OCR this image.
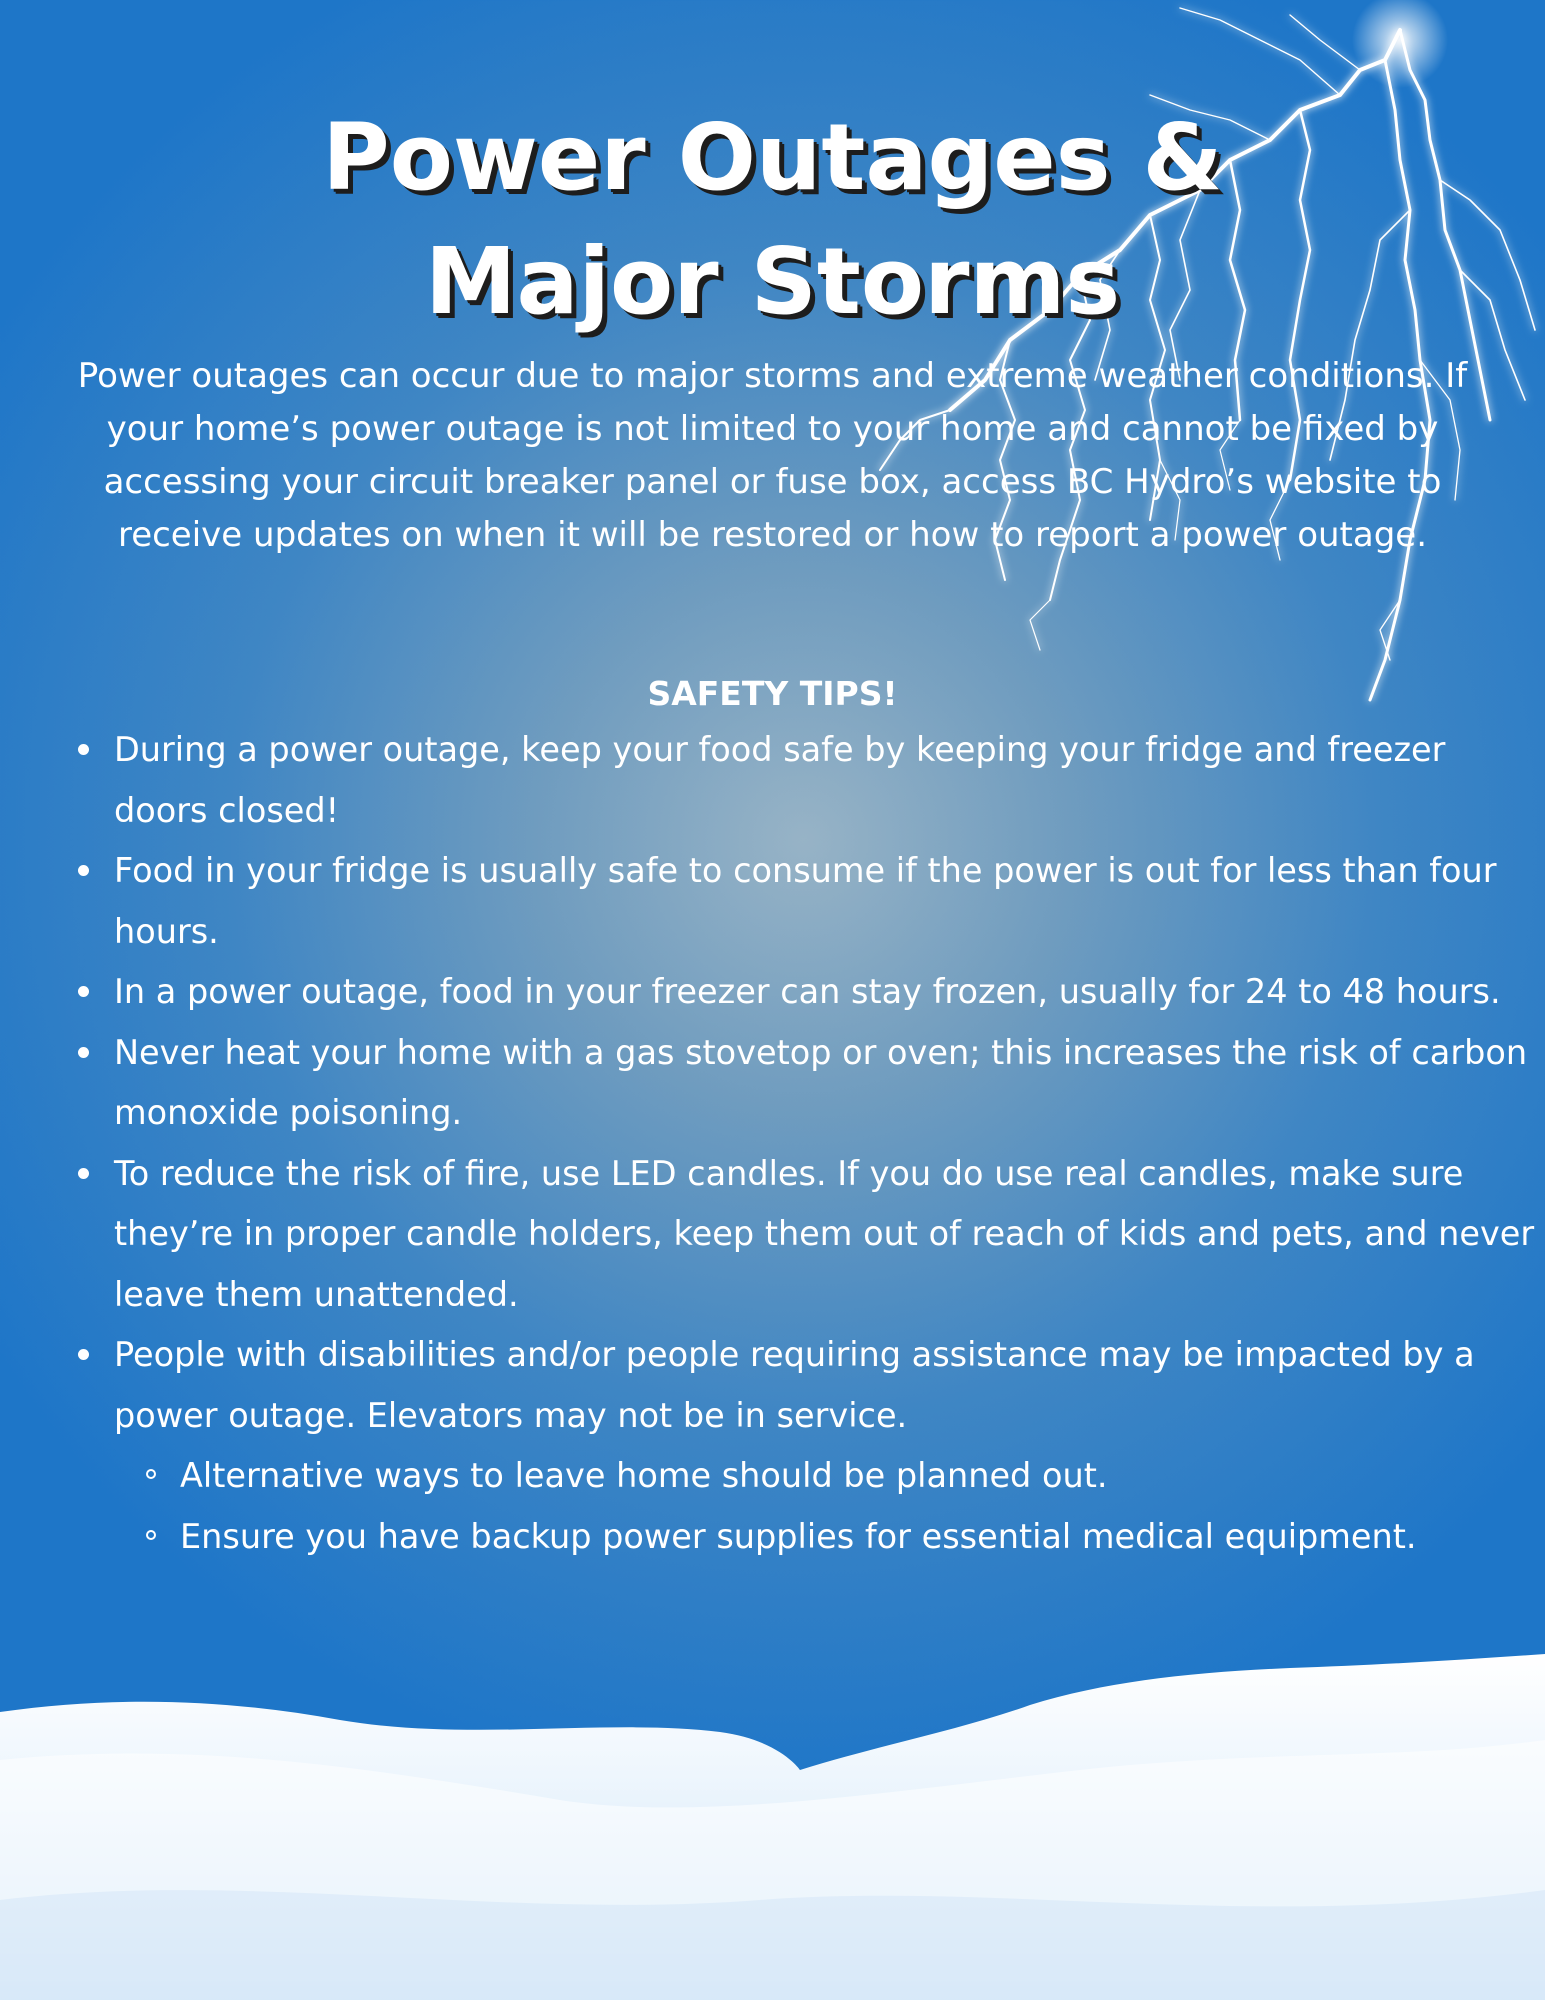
Power Outages &
Major Storms

Power outages can occur due to major storms and extreme weather conditions. If your home’s power outage is not limited to your home and cannot be fixed by accessing your circuit breaker panel or fuse box, access BC Hydro’s website to receive updates on when it will be restored or how to report a power outage.

SAFETY TIPS!
During a power outage, keep your food safe by keeping your fridge and freezer doors closed!
Food in your fridge is usually safe to consume if the power is out for less than four hours.
In a power outage, food in your freezer can stay frozen, usually for 24 to 48 hours.
Never heat your home with a gas stovetop or oven; this increases the risk of carbon monoxide poisoning.
To reduce the risk of fire, use LED candles. If you do use real candles, make sure they’re in proper candle holders, keep them out of reach of kids and pets, and never leave them unattended.
People with disabilities and/or people requiring assistance may be impacted by a power outage. Elevators may not be in service.
Alternative ways to leave home should be planned out.
Ensure you have backup power supplies for essential medical equipment.
